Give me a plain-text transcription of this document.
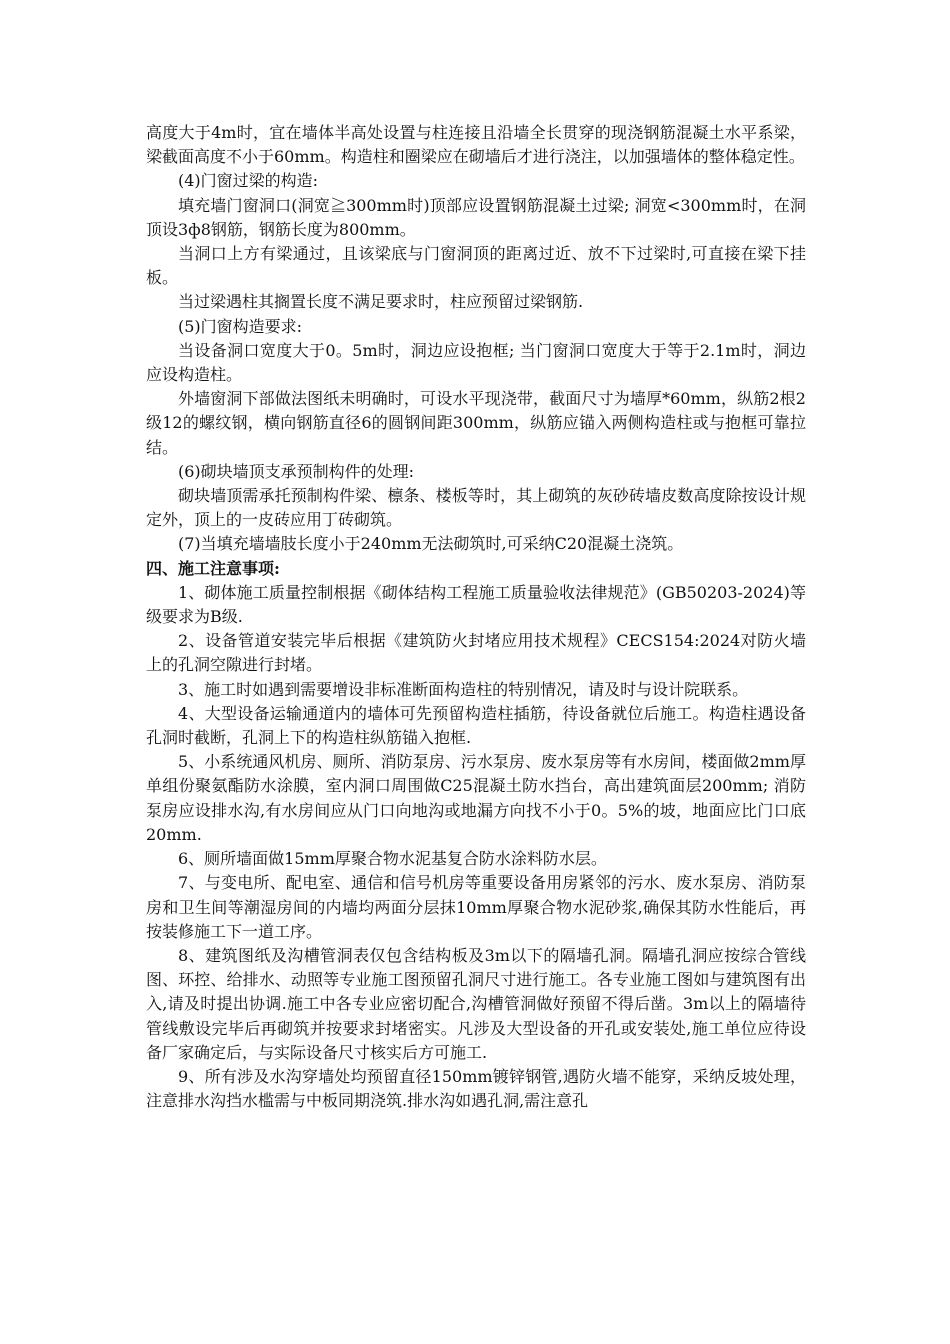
高度大于4m时，宜在墙体半高处设置与柱连接且沿墙全长贯穿的现浇钢筋混凝土水平系梁，梁截面高度不小于60mm。构造柱和圈梁应在砌墙后才进行浇注，以加强墙体的整体稳定性。

(4)门窗过梁的构造:

填充墙门窗洞口(洞宽≧300mm时)顶部应设置钢筋混凝土过梁; 洞宽<300mm时，在洞顶设3ф8钢筋，钢筋长度为800mm。

当洞口上方有梁通过，且该梁底与门窗洞顶的距离过近、放不下过梁时,可直接在梁下挂板。

当过梁遇柱其搁置长度不满足要求时，柱应预留过梁钢筋.

(5)门窗构造要求:

当设备洞口宽度大于0。5m时，洞边应设抱框; 当门窗洞口宽度大于等于2.1m时，洞边应设构造柱。

外墙窗洞下部做法图纸未明确时，可设水平现浇带，截面尺寸为墙厚*60mm，纵筋2根2级12的螺纹钢，横向钢筋直径6的圆钢间距300mm，纵筋应锚入两侧构造柱或与抱框可靠拉结。

(6)砌块墙顶支承预制构件的处理:

砌块墙顶需承托预制构件梁、檩条、楼板等时，其上砌筑的灰砂砖墙皮数高度除按设计规定外，顶上的一皮砖应用丁砖砌筑。

(7)当填充墙墙肢长度小于240mm无法砌筑时,可采纳C20混凝土浇筑。

四、施工注意事项:

1、砌体施工质量控制根据《砌体结构工程施工质量验收法律规范》(GB50203-2024)等级要求为B级.

2、设备管道安装完毕后根据《建筑防火封堵应用技术规程》CECS154:2024对防火墙上的孔洞空隙进行封堵。

3、施工时如遇到需要增设非标准断面构造柱的特别情况，请及时与设计院联系。

4、大型设备运输通道内的墙体可先预留构造柱插筋，待设备就位后施工。构造柱遇设备孔洞时截断，孔洞上下的构造柱纵筋锚入抱框.

5、小系统通风机房、厕所、消防泵房、污水泵房、废水泵房等有水房间，楼面做2mm厚单组份聚氨酯防水涂膜，室内洞口周围做C25混凝土防水挡台，高出建筑面层200mm; 消防泵房应设排水沟,有水房间应从门口向地沟或地漏方向找不小于0。5%的坡，地面应比门口底20mm.

6、厕所墙面做15mm厚聚合物水泥基复合防水涂料防水层。

7、与变电所、配电室、通信和信号机房等重要设备用房紧邻的污水、废水泵房、消防泵房和卫生间等潮湿房间的内墙均两面分层抹10mm厚聚合物水泥砂浆,确保其防水性能后，再按装修施工下一道工序。

8、建筑图纸及沟槽管洞表仅包含结构板及3m以下的隔墙孔洞。隔墙孔洞应按综合管线图、环控、给排水、动照等专业施工图预留孔洞尺寸进行施工。各专业施工图如与建筑图有出入,请及时提出协调.施工中各专业应密切配合,沟槽管洞做好预留不得后凿。3m以上的隔墙待管线敷设完毕后再砌筑并按要求封堵密实。凡涉及大型设备的开孔或安装处,施工单位应待设备厂家确定后，与实际设备尺寸核实后方可施工.

9、所有涉及水沟穿墙处均预留直径150mm镀锌钢管,遇防火墙不能穿，采纳反坡处理，注意排水沟挡水槛需与中板同期浇筑.排水沟如遇孔洞,需注意孔
